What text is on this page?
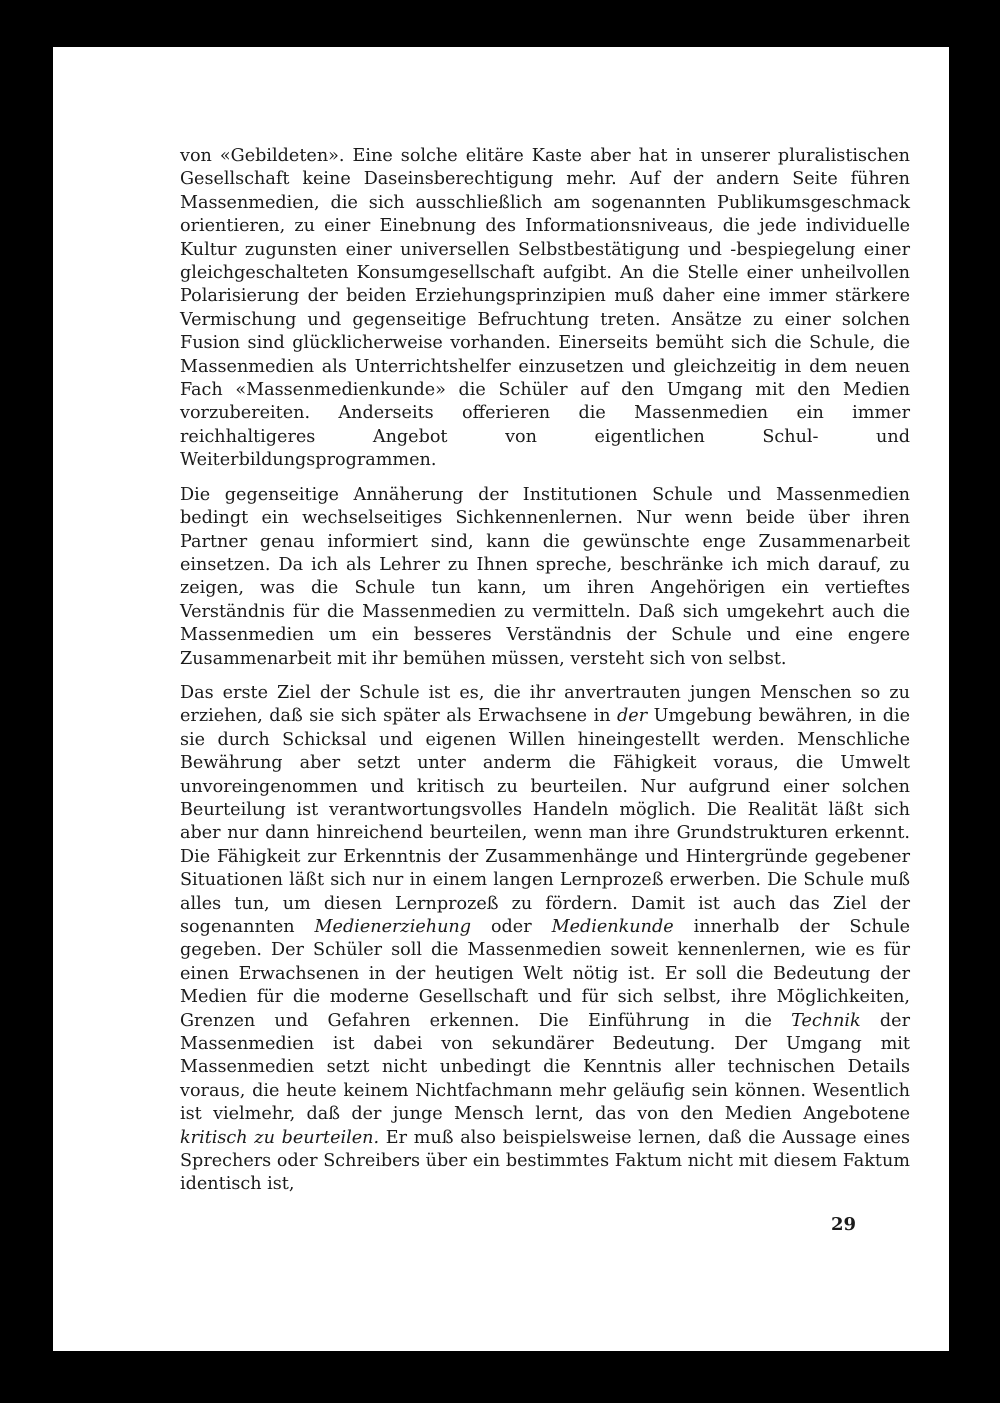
von «Gebildeten». Eine solche elitäre Kaste aber hat in unserer pluralistischen Gesellschaft keine Daseinsberechtigung mehr. Auf der andern Seite führen Massenmedien, die sich ausschließlich am sogenannten Publikumsgeschmack orientieren, zu einer Einebnung des Informationsniveaus, die jede individuelle Kultur zugunsten einer universellen Selbstbestätigung und -bespiegelung einer gleichgeschalteten Konsumgesellschaft aufgibt. An die Stelle einer unheilvollen Polarisierung der beiden Erziehungsprinzipien muß daher eine immer stärkere Vermischung und gegenseitige Befruchtung treten. Ansätze zu einer solchen Fusion sind glücklicherweise vorhanden. Einerseits bemüht sich die Schule, die Massenmedien als Unterrichtshelfer einzusetzen und gleichzeitig in dem neuen Fach «Massenmedienkunde» die Schüler auf den Umgang mit den Medien vorzubereiten. Anderseits offerieren die Massenmedien ein immer reichhaltigeres Angebot von eigentlichen Schul- und Weiterbildungsprogrammen.

Die gegenseitige Annäherung der Institutionen Schule und Massenmedien bedingt ein wechselseitiges Sichkennenlernen. Nur wenn beide über ihren Partner genau informiert sind, kann die gewünschte enge Zusammenarbeit einsetzen. Da ich als Lehrer zu Ihnen spreche, beschränke ich mich darauf, zu zeigen, was die Schule tun kann, um ihren Angehörigen ein vertieftes Verständnis für die Massenmedien zu vermitteln. Daß sich umgekehrt auch die Massenmedien um ein besseres Verständnis der Schule und eine engere Zusammenarbeit mit ihr bemühen müssen, versteht sich von selbst.

Das erste Ziel der Schule ist es, die ihr anvertrauten jungen Menschen so zu erziehen, daß sie sich später als Erwachsene in der Umgebung bewähren, in die sie durch Schicksal und eigenen Willen hineingestellt werden. Menschliche Bewährung aber setzt unter anderm die Fähigkeit voraus, die Umwelt unvoreingenommen und kritisch zu beurteilen. Nur aufgrund einer solchen Beurteilung ist verantwortungsvolles Handeln möglich. Die Realität läßt sich aber nur dann hinreichend beurteilen, wenn man ihre Grundstrukturen erkennt. Die Fähigkeit zur Erkenntnis der Zusammenhänge und Hintergründe gegebener Situationen läßt sich nur in einem langen Lernprozeß erwerben. Die Schule muß alles tun, um diesen Lernprozeß zu fördern. Damit ist auch das Ziel der sogenannten Medienerziehung oder Medienkunde innerhalb der Schule gegeben. Der Schüler soll die Massenmedien soweit kennenlernen, wie es für einen Erwachsenen in der heutigen Welt nötig ist. Er soll die Bedeutung der Medien für die moderne Gesellschaft und für sich selbst, ihre Möglichkeiten, Grenzen und Gefahren erkennen. Die Einführung in die Technik der Massenmedien ist dabei von sekundärer Bedeutung. Der Umgang mit Massenmedien setzt nicht unbedingt die Kenntnis aller technischen Details voraus, die heute keinem Nichtfachmann mehr geläufig sein können. Wesentlich ist vielmehr, daß der junge Mensch lernt, das von den Medien Angebotene kritisch zu beurteilen. Er muß also beispielsweise lernen, daß die Aussage eines Sprechers oder Schreibers über ein bestimmtes Faktum nicht mit diesem Faktum identisch ist,

29
